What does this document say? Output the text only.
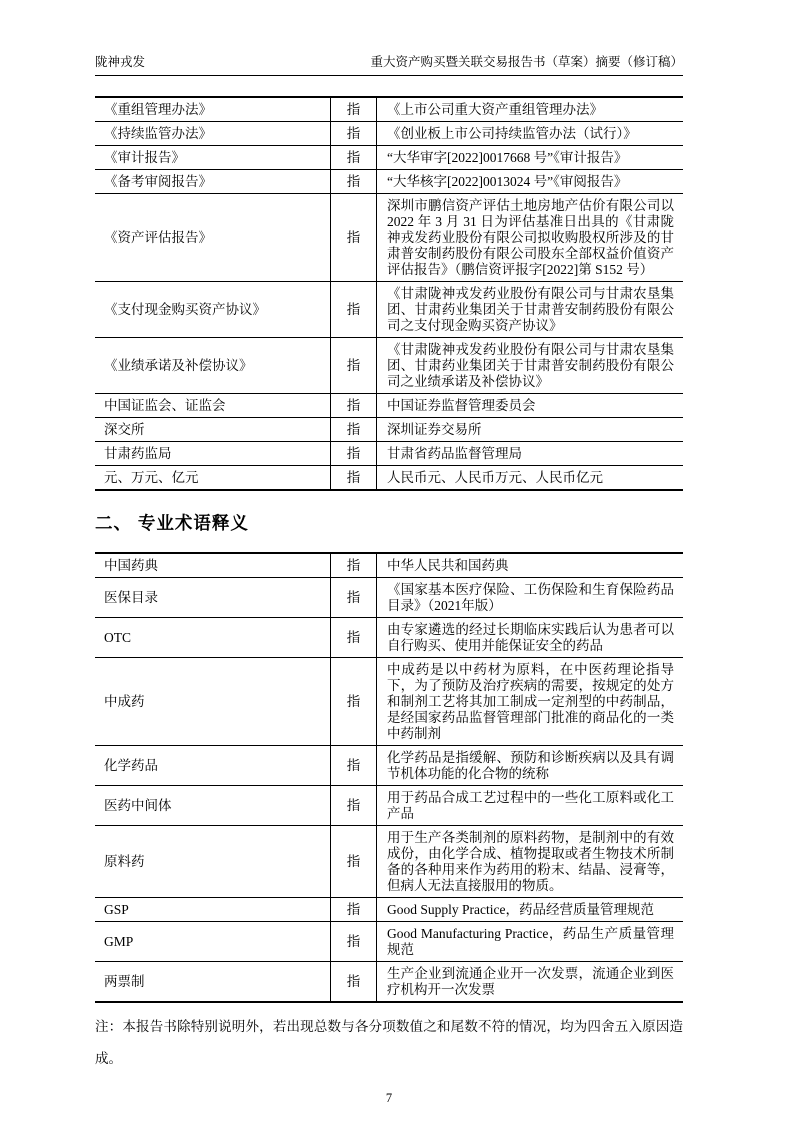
陇神戎发	重大资产购买暨关联交易报告书（草案）摘要（修订稿）
《重组管理办法》	指	《上市公司重大资产重组管理办法》
《持续监管办法》	指	《创业板上市公司持续监管办法（试行）》
《审计报告》	指	“大华审字[2022]0017668 号”《审计报告》
《备考审阅报告》	指	“大华核字[2022]0013024 号”《审阅报告》
《资产评估报告》	指	深圳市鹏信资产评估土地房地产估价有限公司以2022 年 3 月 31 日为评估基准日出具的《甘肃陇神戎发药业股份有限公司拟收购股权所涉及的甘肃普安制药股份有限公司股东全部权益价值资产评估报告》（鹏信资评报字[2022]第 S152 号）
《支付现金购买资产协议》	指	《甘肃陇神戎发药业股份有限公司与甘肃农垦集团、甘肃药业集团关于甘肃普安制药股份有限公司之支付现金购买资产协议》
《业绩承诺及补偿协议》	指	《甘肃陇神戎发药业股份有限公司与甘肃农垦集团、甘肃药业集团关于甘肃普安制药股份有限公司之业绩承诺及补偿协议》
中国证监会、证监会	指	中国证券监督管理委员会
深交所	指	深圳证券交易所
甘肃药监局	指	甘肃省药品监督管理局
元、万元、亿元	指	人民币元、人民币万元、人民币亿元
二、 专业术语释义
中国药典	指	中华人民共和国药典
医保目录	指	《国家基本医疗保险、工伤保险和生育保险药品目录》（2021年版）
OTC	指	由专家遴选的经过长期临床实践后认为患者可以自行购买、使用并能保证安全的药品
中成药	指	中成药是以中药材为原料，在中医药理论指导下，为了预防及治疗疾病的需要，按规定的处方和制剂工艺将其加工制成一定剂型的中药制品，是经国家药品监督管理部门批准的商品化的一类中药制剂
化学药品	指	化学药品是指缓解、预防和诊断疾病以及具有调节机体功能的化合物的统称
医药中间体	指	用于药品合成工艺过程中的一些化工原料或化工产品
原料药	指	用于生产各类制剂的原料药物，是制剂中的有效成份，由化学合成、植物提取或者生物技术所制备的各种用来作为药用的粉末、结晶、浸膏等，但病人无法直接服用的物质。
GSP	指	Good Supply Practice，药品经营质量管理规范
GMP	指	Good Manufacturing Practice，药品生产质量管理规范
两票制	指	生产企业到流通企业开一次发票，流通企业到医疗机构开一次发票

注：本报告书除特别说明外，若出现总数与各分项数值之和尾数不符的情况，均为四舍五入原因造成。

7
